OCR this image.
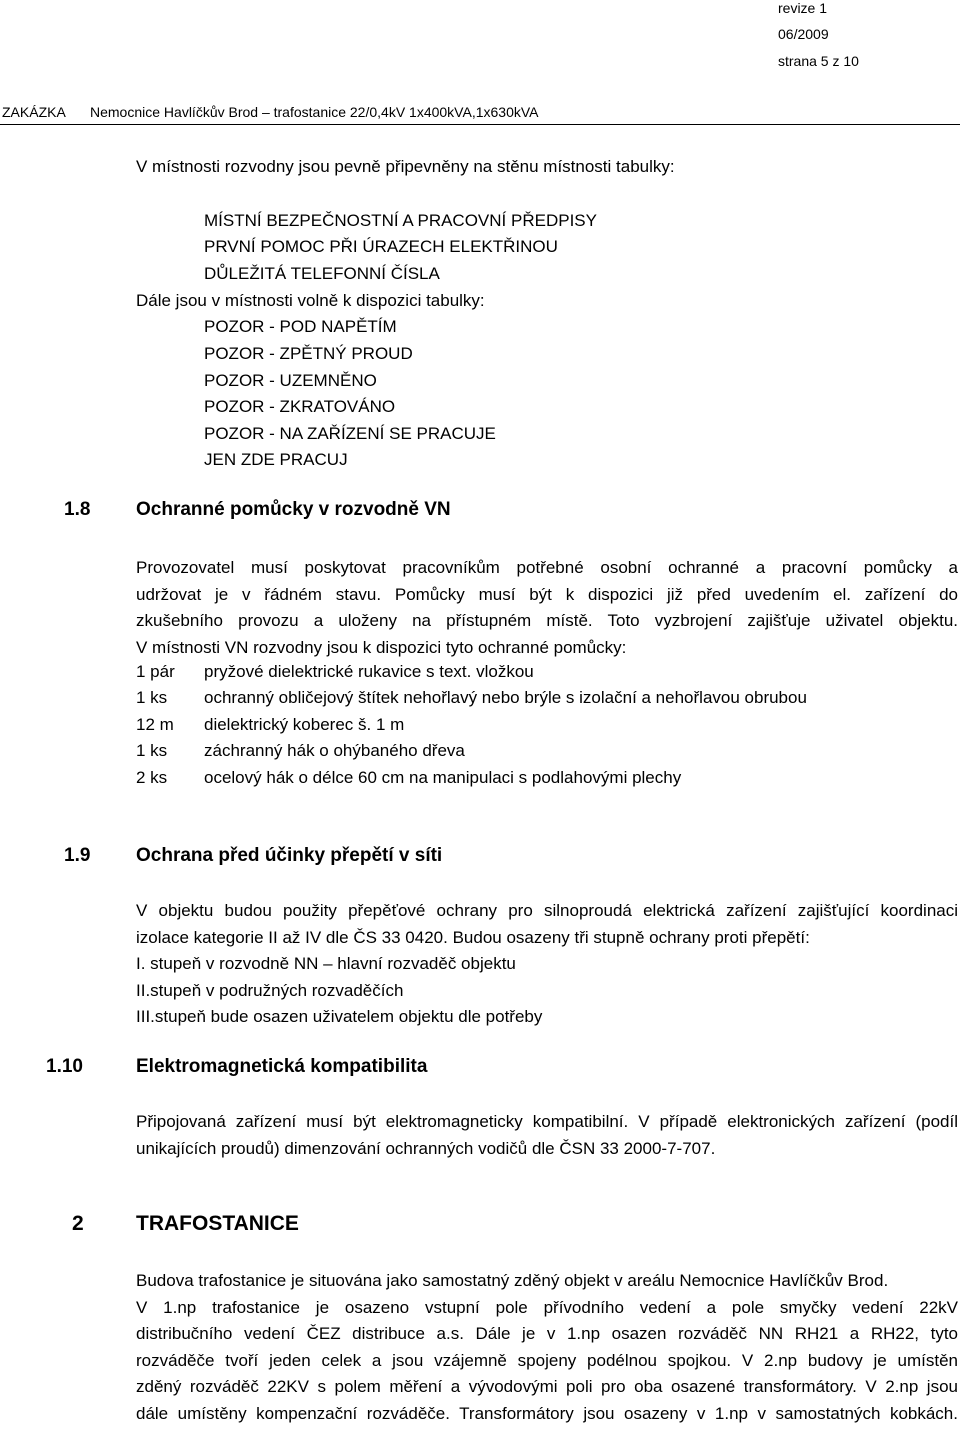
revize 1
06/2009
strana 5 z 10
ZAKÁZKA Nemocnice Havlíčkův Brod – trafostanice 22/0,4kV 1x400kVA,1x630kVA
V místnosti rozvodny jsou pevně připevněny na stěnu místnosti tabulky:
MÍSTNÍ BEZPEČNOSTNÍ A PRACOVNÍ PŘEDPISY
PRVNÍ POMOC PŘI ÚRAZECH ELEKTŘINOU
DŮLEŽITÁ TELEFONNÍ ČÍSLA
Dále jsou v místnosti volně k dispozici tabulky:
POZOR - POD NAPĚTÍM
POZOR - ZPĚTNÝ PROUD
POZOR - UZEMNĚNO
POZOR - ZKRATOVÁNO
POZOR - NA ZAŘÍZENÍ SE PRACUJE
JEN ZDE PRACUJ
1.8 Ochranné pomůcky v rozvodně VN
Provozovatel musí poskytovat pracovníkům potřebné osobní ochranné a pracovní pomůcky a
udržovat je v řádném stavu. Pomůcky musí být k dispozici již před uvedením el. zařízení do
zkušebního provozu a uloženy na přístupném místě. Toto vyzbrojení zajišťuje uživatel objektu.
V místnosti VN rozvodny jsou k dispozici tyto ochranné pomůcky:
1 pár pryžové dielektrické rukavice s text. vložkou
1 ks ochranný obličejový štítek nehořlavý nebo brýle s izolační a nehořlavou obrubou
12 m dielektrický koberec š. 1 m
1 ks záchranný hák o ohýbaného dřeva
2 ks ocelový hák o délce 60 cm na manipulaci s podlahovými plechy
1.9 Ochrana před účinky přepětí v síti
V objektu budou použity přepěťové ochrany pro silnoproudá elektrická zařízení zajišťující koordinaci
izolace kategorie II až IV dle ČS 33 0420. Budou osazeny tři stupně ochrany proti přepětí:
I. stupeň v rozvodně NN – hlavní rozvaděč objektu
II.stupeň v podružných rozvaděčích
III.stupeň bude osazen uživatelem objektu dle potřeby
1.10	Elektromagnetická kompatibilita
Připojovaná zařízení musí být elektromagneticky kompatibilní. V případě elektronických zařízení (podíl
unikajících proudů) dimenzování ochranných vodičů dle ČSN 33 2000-7-707.
2 TRAFOSTANICE
Budova trafostanice je situována jako samostatný zděný objekt v areálu Nemocnice Havlíčkův Brod.
V 1.np trafostanice je osazeno vstupní pole přívodního vedení a pole smyčky vedení 22kV
distribučního vedení ČEZ distribuce a.s. Dále je v 1.np osazen rozváděč NN RH21 a RH22, tyto
rozváděče tvoří jeden celek a jsou vzájemně spojeny podélnou spojkou. V 2.np budovy je umístěn
zděný rozváděč 22KV s polem měření a vývodovými poli pro oba osazené transformátory. V 2.np jsou
dále umístěny kompenzační rozváděče. Transformátory jsou osazeny v 1.np v samostatných kobkách.
